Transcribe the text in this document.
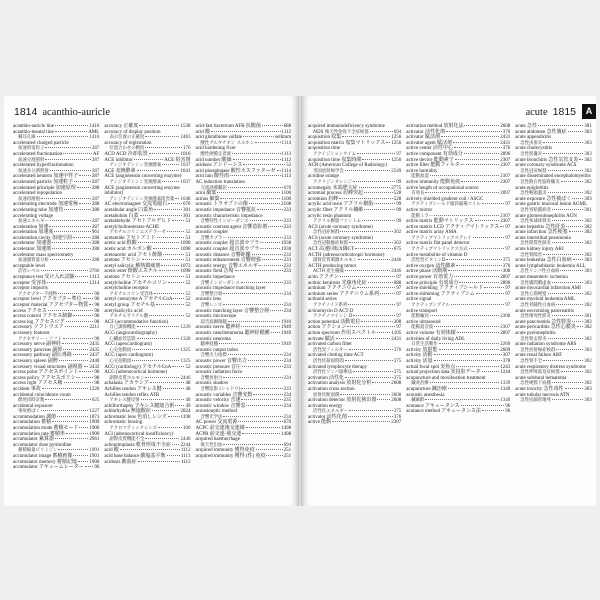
1814 acanthio-auricle
acanthio-auricle line	1416
acanthio-meatal line	AML
棘耳孔線	1416
accelerated charged particle
加速荷電粒子	287
accelerated fractionation	AF
加速分割照射	287
accelerated hyperfractionation
加速多分割照射	287
accelerated neutron 加速中性子	287
accelerated particle 加速粒子	287
accelerated principle 加速原理	288
accelerated repopulation
加速再増殖	287
accelerating electrode 加速電極	288
accelerating tube 加速管	288
accelerating voltage
加速エネルギー	287
acceleration 加速	287
acceleration 加速度	961
acceleration cavity 加速空洞	288
accelerator 加速器	288
accelerator 加速剤	288
accelerator mass spectrometry
加速器質量分析	288
acceptable level
許容レベル	2766
acceptance test 受け入れ試験	1313
acceptor 受容体	1214
acceptor impurity
アクセプター不純物	98
acceptor level アクセプター準位	98
acceptor material アクセプター物質 98
access アクセス	98
access control アクセス制御	98
access log アクセスログ	98
accessory ソフトウエア	2211
accessory features
アクセサリー・ソフト	98
accessory nerve 副神経	2435
accessory pancreas 副膵	2435
accessory pathway 副伝導路	2437
accessory spleen 副脾	2440
accessory visual structures 副視器 2432
access point アクセスポイント	98
access policy アクセスポリシー	98
access right アクセス権	98
accident 事故	1226
accidental coincidence count
偶発同時計数	625
accidental exposure
事故被ばく	1227
accommodation 調節	1871
accumulation 蓄積	1900
accumulation mode 蓄積モード 1900
accumulation rate 蓄積率	1900
accumulator 累算器	2961
accumulator dose pyrimidine
蓄積線量ピリミジン	1901
accumulator image 蓄積画像	1901
accumulator memory 蓄積記憶 1900
accumulator アキュームレーター 96
accuracy 正確度	1538
accuracy of display position
表示位置の正確度	2483
accuracy of registration
位置合わせの精度	170
ACD ACD 冷却装置	1016
ACE inhibitor	ACE 阻害剤
アンジオテンシン変換酵素	1037
ACE 変換酵素	1041
ACE (angiotensin converting enzyme)
アンジオテンシン変換酵素	1037
ACE (angiotensin converting enzyme
inhibitor)
アンジオテンシン変換酵素阻害薬 1048
AC electromagnet 交流電磁石	670
acetabular angle 臼蓋角	301
acetabulum 臼蓋	301
acetaldehyde アセトアルデヒド	51
acetylcholinesterase ACHE
アセチルコリンエステラーゼ	52
acetamide アセトアミド	51
acetic acid 酢酸	1098
acetic acid カルボン酸	1098
acetoacetic acid アセト酢酸	51
acetone アセトン	51
acetyl salicylic 解熱鎮痛剤	1073
acetic ester 酢酸エステル	1098
acetone アセトン	51
acetylcholine アセチルコリン	52
acetylcholine receptor
アセチルコリン受容体	52
acetyl coenzyme A アセチルCoA	52
acetyl group アセチル基	52
acetylsalicylic acid
アセチルサリチル酸	52
ACF (accommodative function)
自己調節機能	1220
ACG (angiocardiography)
心臓血管造影	1328
ACG (apexcardiogram)
心尖拍動図	1325
ACG (apex cardiogram)
心尖拍動図	1325
ACG (cardiology) アセチルCoA	52
ACG (adrenocortical hormone)
副腎皮質ホルモン	2446
achalasia アカラシア	48
Achilles tendon アキレス腱	48
Achilles tendon reflex ATR
アキレス腱反射	48
achillorrhaphy アキレス腱縫合術 49
achlorhydria 無塩酸症	2824
achromatic lens 色消しレンズ	1198
achromatic lensing
アクロマティックレンズ	100
ACI (adrenocortical insufficiency)
副腎皮質機能不全	2446
achondroplasia 軟骨形成不全症 2244
acid 酸	1112
acid base balance 酸塩基平衡	1113
acidosis 酸血症	1113
acid-fast bacterium AFB 抗酸菌	688
acid 酸	1112
acid glutathione sulfate	sellitum
酸性グルタチオン スルホン	1114
acid hardening fixer
酸性硬膜定着液	1113
acid number 酸価	1112
acidosis アシドーシス	53
acid phosphatase 酸性ホスファターゼ 1114
acid rain 酸性雨	1113
AC induction translation
交流誘導翻訳	670
acini 細葉	1100
acinus 細葉	1100
acoustic トラオプトの像	2108
acoustic impedance 音響抵抗	233
acoustic characteristic impedance
音響特性インピーダンス	233
acoustic contrast agent 音響造影剤	233
acoustic coupler
音響カプラー	233
acoustic coupler 超音波カプラー	1938
acoustic coupler 超音波カプラー	1938
acoustic distance 音響距離	233
acoustic enhancement 音響増強	233
acoustic energy 音響エネルギー	233
acoustic field 音場	233
acoustic impedance
音響インピーダンス	233
acoustic impedance matching layer
音響整合層	234
acoustic lens
音響レンズ	234
acoustic matching layer 音響整合層	234
acoustic microscope
超音波顕微鏡	1940
acoustic nerve 聴神経	1949
acoustic neurilemmoma 聴神経鞘腫 1949
acoustic neuroma
聴神経腫	1949
acoustic output index
音響出力指標	234
acoustic power 音響出力	234
acoustic pressure 音圧	233
acoustic radiation force
音響放射力	234
acoustic shadow
音響陰影 (シャドウ)	233
acoustic variables 音響変数	234
acoustic velocity 音速	235
acoustic window 音響窓	234
acoustooptic method
音響光学法	234
AC power 交流電源	670
ACPC 前交連後交連線	1498
ACPR 前交連-後交連	1498
acquired haemorrhage
後天性出血	694
acquired immunity 獲得免疫	251
acquired immunity 獲得 (性) 免疫	251
acute 1815	A
acquired immunodeficiency syndrome
AIDS 後天性免疫不全症候群	694
acquisition 収集	1256
acquisition matrix 収集マトリックス 1256
acquisition time
アクイジションタイム	97
acquisition time 収集時間	1256
ACR (American College of Radiology)
米国放射線学会	2549
acridine orange
アクリジンオレンジ	99
acromegaly 末端肥大症	2775
acromial process 肩峰突起	528
acromion 肩峰	528
acrylic acid resin アクリル樹脂	99
acrylic fiber アクリル繊維	99
acrylic resin phantom
アクリル樹脂ファントム	99
ACS (acute coronary syndrome)
急性冠症候群	302
ACS (acute coronary syndrome)
急性冠動脈症候群	302
ACT 高速回転X線CT	675
ACTH (adrenocorticotropic hormone)
副腎皮質刺激ホルモン	2446
ACTH producing tumor
ACTH 産生腫瘍	2446
actin アクチン	97
actinic keratosis 光線角化症	688
actinium アクチニウム	97
actinium series アクチニウム系列	97
actinoid series
アクチノイド系列	97
actinomycin D ACT D
アクチノマイシン D	97
action potential 活動電位	308
action アクション	97
action spectrum 作用スペクトル	1105
activate 賦活	2431
activated carbon filter
活性炭フィルター	376
activated clotting time ACT
活性化凝固時間	375
activated lymphocyte therapy
活性化リンパ球療法	375
activation 活性化	375
activation analysis 放射化分析	2608
activation cross section
放射化断面積	2608
activation detector 放射化検出器	2608
activation energy
活性化エネルギー	375
activator 活性化剤	376
active 能動	2307
activation method 放射化法	2608
activator 活性化剤	376
activator 賦活剤	2431
activator agent 賦活剤	2431
active center 活性中心	376
active component 有効成分	2896
active device 能動素子	2307
active filter 能動フィルター	2307
active humidity
能動加湿	2307
active immunity 能動免疫	2307
active length of occupational source
有効長	2897
actively shielded gradient coil / ASGC
アクティブシールド傾斜磁場コイル	97
active mirror
能動ミラー	2307
active matrix 能動マトリックス	2307
active matrix LCD アクティブマトリックス 97
active matrix array AMA
アクティブマトリックスアレイ	97
active matrix flat panel detector
アクティブマトリックス方式	97
active metabolite of vitamin D
活性型ビタミンD	375
active oxygen 活性酸素	376
active phase 活動期	308
active power 有効電力	2897
active principle 有効成分	2896
active shielding アクティブシールド	97
active shimming アクティブシム	97
active signal
アクティブシグナル	97
active transport
能動輸送	2308
active ultrasound
能動超音波	2307
active volume 有効体積	2897
activities of daily living ADL
日常生活動作	2260
activity 放射能	2609
activity 活動	307
activity 活量	378
actual focal spot 実焦点	1243
actual projection data 実投影データ	1244
acupuncture and moxibustion treatment
鍼灸治療	1339
acupuncture 鍼治療	1340
acoustic anesthesia
鍼麻酔	1340
acutance アキュータンス	96
acutance method アキュータンス法	96
acute 急性	301
acute abdomen 急性腹症	303
acute appendicitis
急性虫垂炎	303
acute cholecystitis
急性胆嚢炎	303
acute bronchitis 急性気管支炎 302
acute coronary syndrome ACS
急性冠症候群	302
acute disseminated encephalomyelitis
急性散在性脳脊髄炎	302
acute epiglottitis
急性喉頭蓋炎	302
acute exposure 急性被ばく	303
acute gastric mucosal lesion AGML
急性胃粘膜病変	301
acute glomerulonephritis AGN
急性糸球体腎炎	302
acute hepatitis 急性肝炎	302
acute infarction 急性梗塞	302
acute interstitial pneumonia
急性間質性肺炎	302
acute kidney injury AKI
急性腎障害	302
acute leukemia 急性白血病	303
acute lymphoblastic leukemia ALL
急性リンパ性白血病	303
acute mesenteric ischemia
急性腸間膜虚血	303
acute myocardial infarction AMI
急性心筋梗塞	302
acute myeloid leukemia AML
急性骨髄性白血病	302
acute necrotizing pancreatitis
急性壊死性膵炎	301
acute pancreatitis 急性膵炎	302
acute pericarditis 急性心膜炎 302
acute pyelonephritis
急性腎盂腎炎	302
acute radiation syndrome ARS
急性放射線症候群	303
acute renal failure ARF
急性腎不全	302
acute respiratory distress syndrome
急性呼吸窮迫症候群	302
acute subdural hematoma
急性硬膜下血腫	302
acute toxicity 急性毒性	303
acute tubular necrosis ATN
急性尿細管壊死	303
